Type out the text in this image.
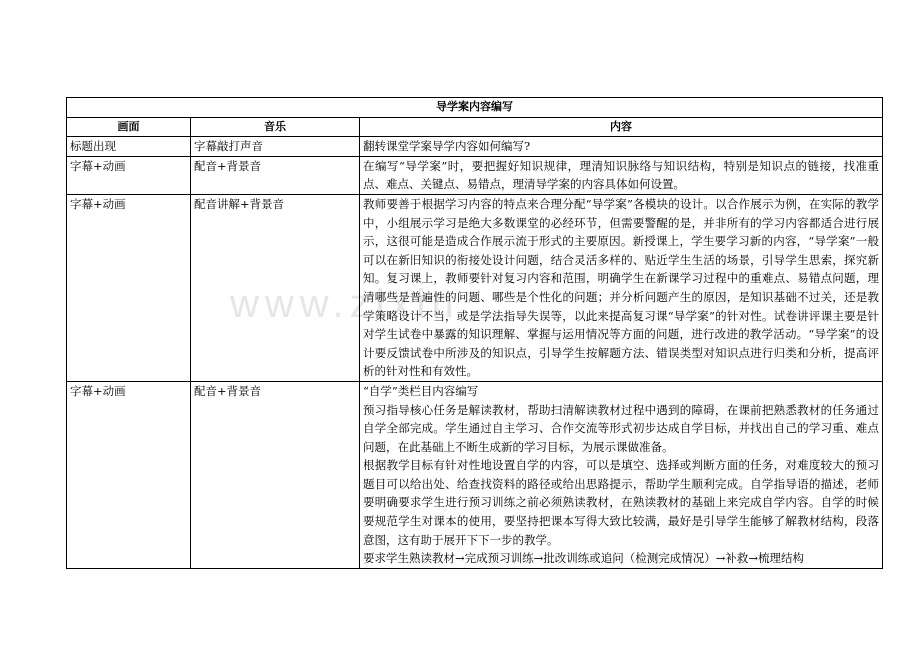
www.zixin
导学案内容编写		
画面	音乐	内容
标题出现	字幕敲打声音	翻转课堂学案导学内容如何编写?

字幕+动画	配音+背景音	在编写“导学案”时，要把握好知识规律，理清知识脉络与知识结构，特别是知识点的链接，找准重点、难点、关键点、易错点，理清导学案的内容具体如何设置。

字幕+动画	配音讲解+背景音	教师要善于根据学习内容的特点来合理分配“导学案”各模块的设计。以合作展示为例，在实际的教学中，小组展示学习是绝大多数课堂的必经环节，但需要警醒的是，并非所有的学习内容都适合进行展示，这很可能是造成合作展示流于形式的主要原因。新授课上，学生要学习新的内容，“导学案”一般可以在新旧知识的衔接处设计问题，结合灵活多样的、贴近学生生活的场景，引导学生思索，探究新知。复习课上，教师要针对复习内容和范围，明确学生在新课学习过程中的重难点、易错点问题，理清哪些是普遍性的问题、哪些是个性化的问题；并分析问题产生的原因，是知识基础不过关，还是教学策略设计不当，或是学法指导失误等，以此来提高复习课“导学案”的针对性。试卷讲评课主要是针对学生试卷中暴露的知识理解、掌握与运用情况等方面的问题，进行改进的教学活动。“导学案”的设计要反馈试卷中所涉及的知识点，引导学生按解题方法、错误类型对知识点进行归类和分析，提高评析的针对性和有效性。

字幕+动画	配音+背景音	“自学”类栏目内容编写

预习指导核心任务是解读教材，帮助扫清解读教材过程中遇到的障碍，在课前把熟悉教材的任务通过自学全部完成。学生通过自主学习、合作交流等形式初步达成自学目标，并找出自己的学习重、难点问题，在此基础上不断生成新的学习目标，为展示课做准备。

根据教学目标有针对性地设置自学的内容，可以是填空、选择或判断方面的任务，对难度较大的预习题目可以给出处、给查找资料的路径或给出思路提示，帮助学生顺利完成。自学指导语的描述，老师要明确要求学生进行预习训练之前必须熟读教材，在熟读教材的基础上来完成自学内容。自学的时候要规范学生对课本的使用，要坚持把课本写得大致比较满，最好是引导学生能够了解教材结构，段落意图，这有助于展开下下一步的教学。

要求学生熟读教材→完成预习训练→批改训练或追问（检测完成情况）→补救→梳理结构
